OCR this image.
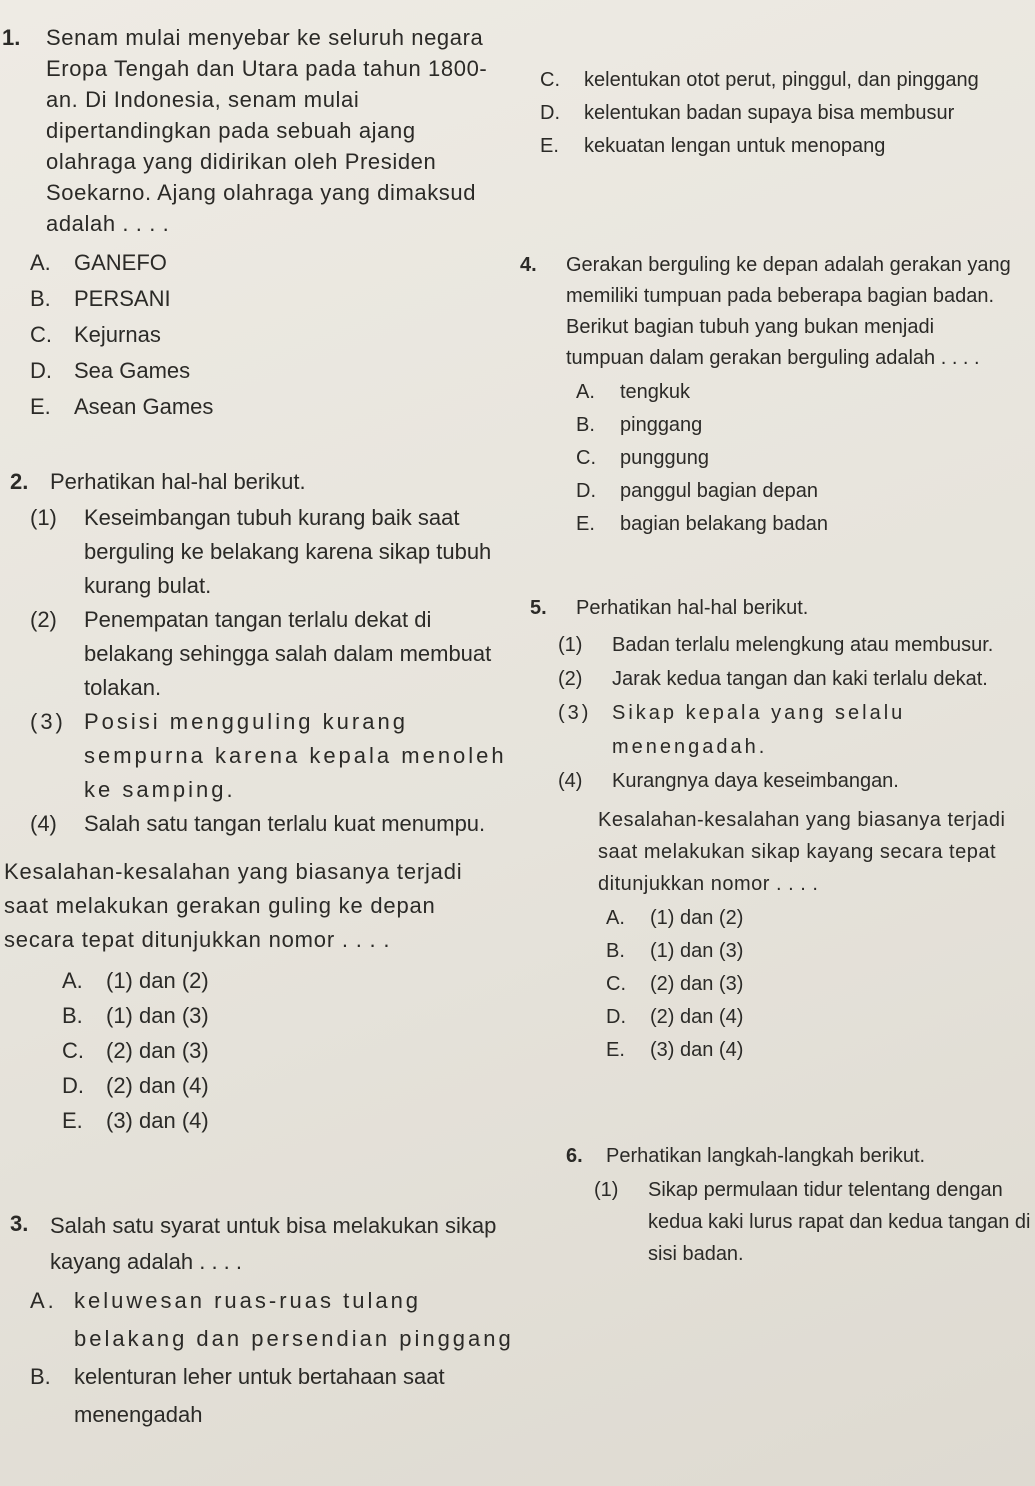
1.	Senam mulai menyebar ke seluruh negara Eropa Tengah dan Utara pada tahun 1800-an. Di Indonesia, senam mulai dipertandingkan pada sebuah ajang olahraga yang didirikan oleh Presiden Soekarno. Ajang olahraga yang dimaksud adalah . . . .
A. GANEFO
B. PERSANI
C. Kejurnas
D. Sea Games
E. Asean Games
2. Perhatikan hal-hal berikut.
(1) Keseimbangan tubuh kurang baik saat berguling ke belakang karena sikap tubuh kurang bulat.
(2) Penempatan tangan terlalu dekat di belakang sehingga salah dalam membuat tolakan.
(3) Posisi mengguling kurang sempurna karena kepala menoleh ke samping.
(4) Salah satu tangan terlalu kuat menumpu.
Kesalahan-kesalahan yang biasanya terjadi saat melakukan gerakan guling ke depan secara tepat ditunjukkan nomor . . . .
A. (1) dan (2)
B. (1) dan (3)
C. (2) dan (3)
D. (2) dan (4)
E. (3) dan (4)
3. Salah satu syarat untuk bisa melakukan sikap kayang adalah . . . .
A. keluwesan ruas-ruas tulang belakang dan persendian pinggang
B. kelenturan leher untuk bertahaan saat menengadah
C. kelentukan otot perut, pinggul, dan pinggang
D. kelentukan badan supaya bisa membusur
E. kekuatan lengan untuk menopang
4.	Gerakan berguling ke depan adalah gerakan yang memiliki tumpuan pada beberapa bagian badan. Berikut bagian tubuh yang bukan menjadi tumpuan dalam gerakan berguling adalah . . . .
A. tengkuk
B. pinggang
C. punggung
D. panggul bagian depan
E. bagian belakang badan
5.	Perhatikan hal-hal berikut.
(1) Badan terlalu melengkung atau membusur.
(2) Jarak kedua tangan dan kaki terlalu dekat.
(3) Sikap kepala yang selalu menengadah.
(4) Kurangnya daya keseimbangan.
Kesalahan-kesalahan yang biasanya terjadi saat melakukan sikap kayang secara tepat ditunjukkan nomor . . . .
A. (1) dan (2)
B. (1) dan (3)
C. (2) dan (3)
D. (2) dan (4)
E. (3) dan (4)
6.	Perhatikan langkah-langkah berikut.
(1) Sikap permulaan tidur telentang dengan kedua kaki lurus rapat dan kedua tangan di sisi badan.
